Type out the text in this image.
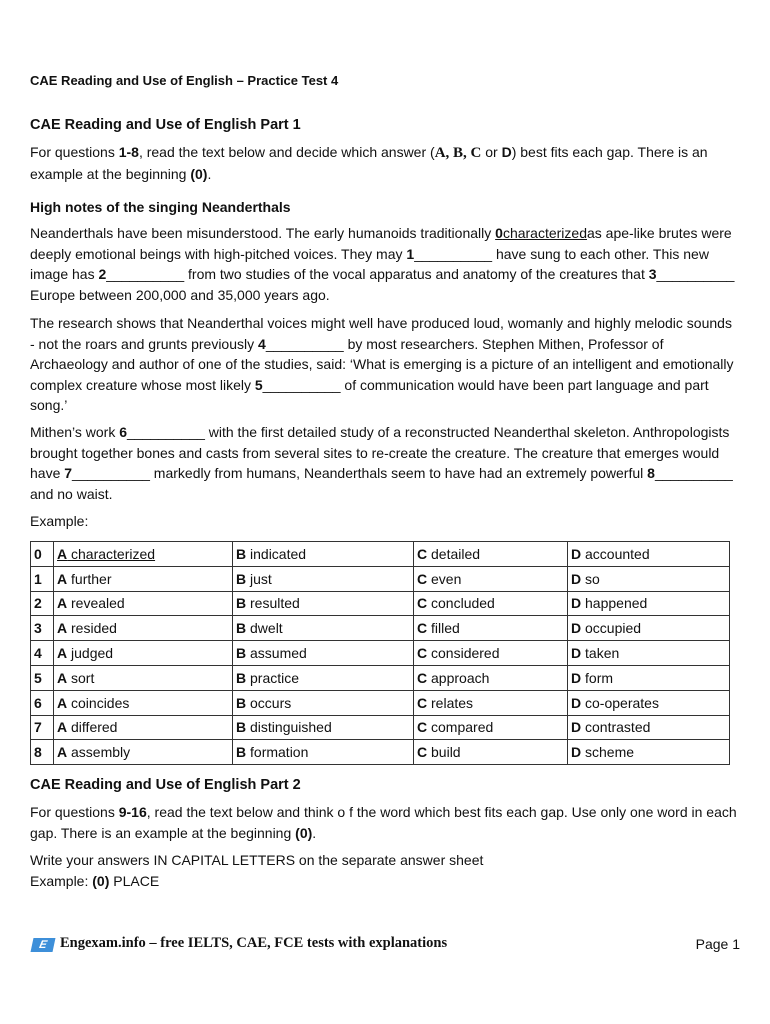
CAE Reading and Use of English – Practice Test 4
CAE Reading and Use of English Part 1
For questions 1-8, read the text below and decide which answer (A, B, C or D) best fits each gap. There is an example at the beginning (0).
High notes of the singing Neanderthals
Neanderthals have been misunderstood. The early humanoids traditionally 0characterizedas ape-like brutes were deeply emotional beings with high-pitched voices. They may 1__________ have sung to each other. This new image has 2__________ from two studies of the vocal apparatus and anatomy of the creatures that 3__________ Europe between 200,000 and 35,000 years ago.
The research shows that Neanderthal voices might well have produced loud, womanly and highly melodic sounds - not the roars and grunts previously 4__________ by most researchers. Stephen Mithen, Professor of Archaeology and author of one of the studies, said: ‘What is emerging is a picture of an intelligent and emotionally complex creature whose most likely 5__________ of communication would have been part language and part song.’
Mithen’s work 6__________ with the first detailed study of a reconstructed Neanderthal skeleton. Anthropologists brought together bones and casts from several sites to re-create the creature. The creature that emerges would have 7__________ markedly from humans, Neanderthals seem to have had an extremely powerful 8__________ and no waist.
Example:
0	A characterized	B indicated	C detailed	D accounted
1	A further	B just	C even	D so
2	A revealed	B resulted	C concluded	D happened
3	A resided	B dwelt	C filled	D occupied
4	A judged	B assumed	C considered	D taken
5	A sort	B practice	C approach	D form
6	A coincides	B occurs	C relates	D co-operates
7	A differed	B distinguished	C compared	D contrasted
8	A assembly	B formation	C build	D scheme
CAE Reading and Use of English Part 2
For questions 9-16, read the text below and think o f the word which best fits each gap. Use only one word in each gap. There is an example at the beginning (0).
Write your answers IN CAPITAL LETTERS on the separate answer sheet
Example: (0) PLACE
E Engexam.info – free IELTS, CAE, FCE tests with explanations	Page 1
